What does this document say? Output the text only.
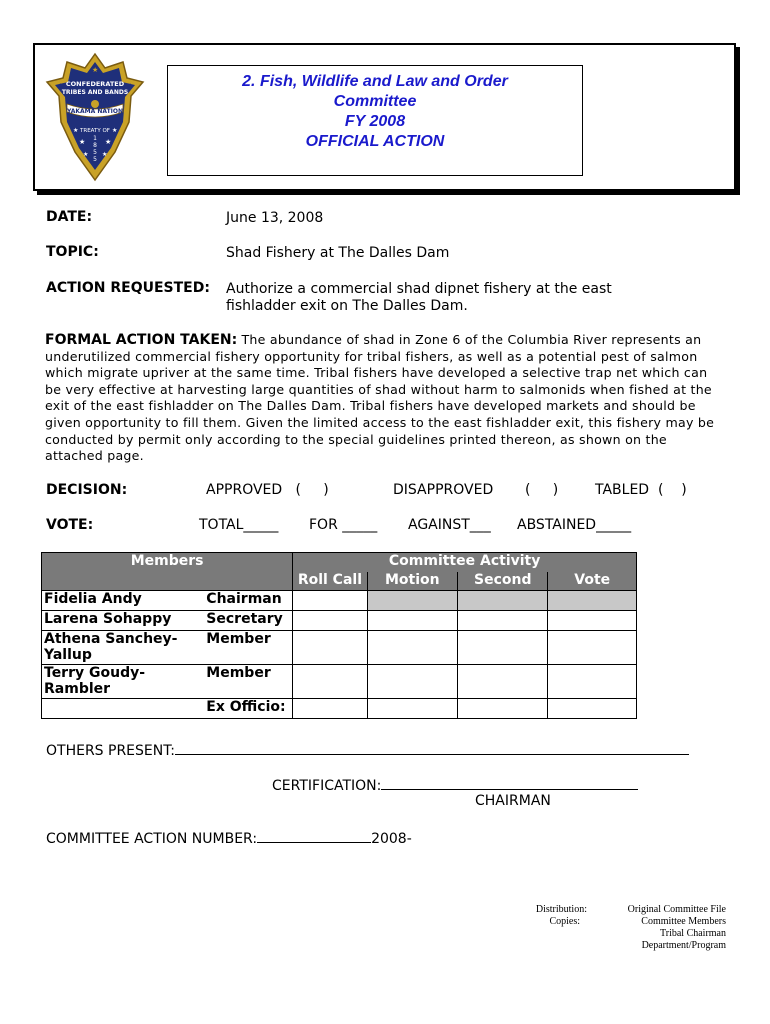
CONFEDERATED
TRIBES AND BANDS
YAKAMA NATION
TREATY OF
1
8
5
5
★	★
★	★
★ ★
★	★
★
2. Fish, Wildlife and Law and Order
Committee
FY 2008
OFFICIAL ACTION
DATE:	June 13, 2008
TOPIC:	Shad Fishery at The Dalles Dam
ACTION REQUESTED: Authorize a commercial shad dipnet fishery at the east
fishladder exit on The Dalles Dam.
FORMAL ACTION TAKEN: The abundance of shad in Zone 6 of the Columbia River represents an underutilized commercial fishery opportunity for tribal fishers, as well as a potential pest of salmon which migrate upriver at the same time. Tribal fishers have developed a selective trap net which can be very effective at harvesting large quantities of shad without harm to salmonids when fished at the exit of the east fishladder on The Dalles Dam. Tribal fishers have developed markets and should be given opportunity to fill them. Given the limited access to the east fishladder exit, this fishery may be conducted by permit only according to the special guidelines printed thereon, as shown on the attached page.
DECISION:	APPROVED   (     )	DISAPPROVED (     )	TABLED  (    )
VOTE:	TOTAL_____ FOR _____ AGAINST___ ABSTAINED_____
Members		Committee Activity			
		Roll Call	Motion	Second	Vote
Fidelia Andy	Chairman				
Larena Sohappy	Secretary				
Athena Sanchey-Yallup	Member				
Terry Goudy-Rambler	Member				
	Ex Officio:				
OTHERS PRESENT:
CERTIFICATION:
CHAIRMAN
COMMITTEE ACTION NUMBER:	2008-
Distribution:
Copies:
Original Committee File
Committee Members
Tribal Chairman
Department/Program
